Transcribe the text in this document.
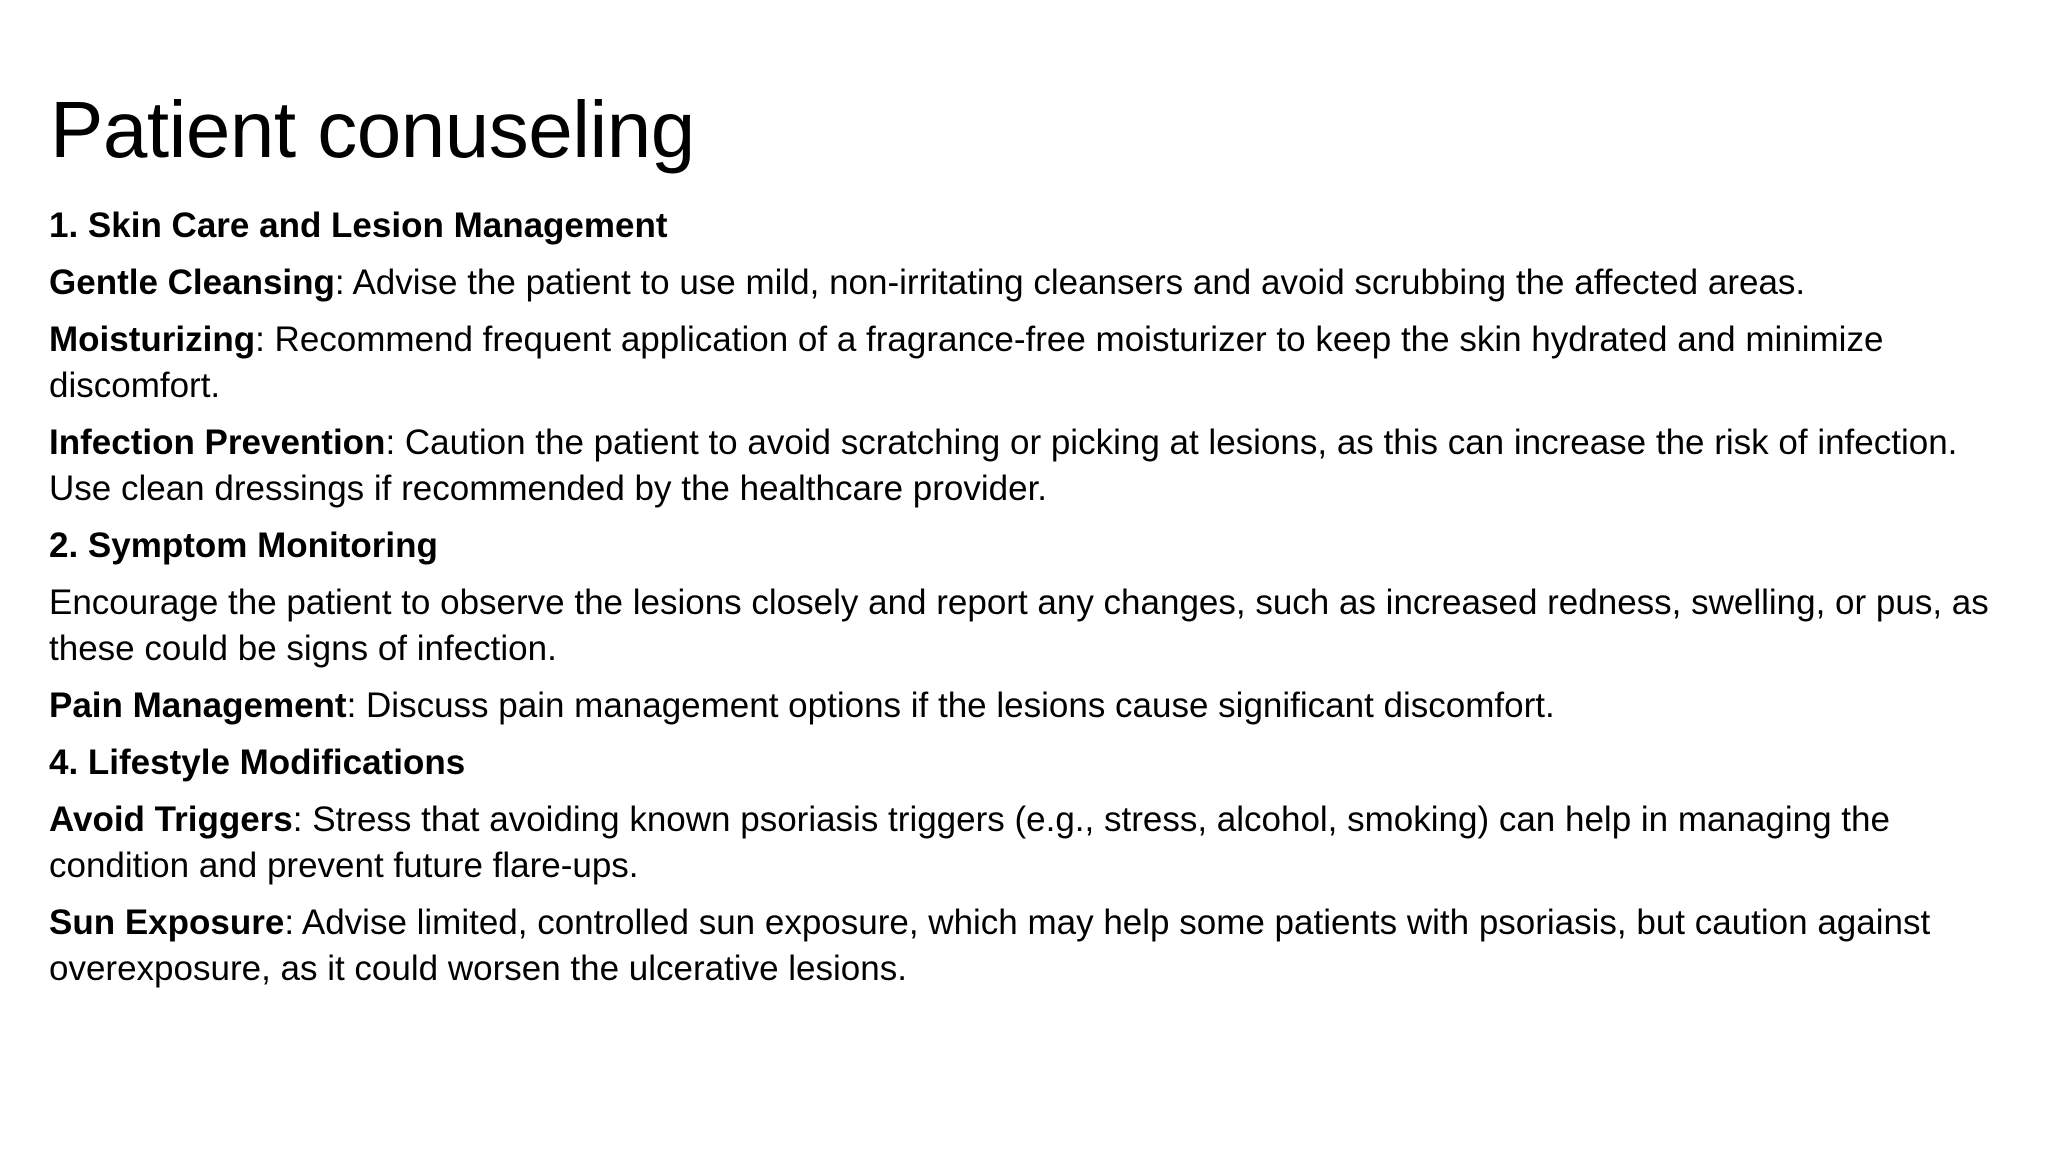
Patient conuseling

1. Skin Care and Lesion Management

Gentle Cleansing: Advise the patient to use mild, non-irritating cleansers and avoid scrubbing the affected areas.

Moisturizing: Recommend frequent application of a fragrance-free moisturizer to keep the skin hydrated and minimize discomfort.

Infection Prevention: Caution the patient to avoid scratching or picking at lesions, as this can increase the risk of infection. Use clean dressings if recommended by the healthcare provider.

2. Symptom Monitoring

Encourage the patient to observe the lesions closely and report any changes, such as increased redness, swelling, or pus, as these could be signs of infection.

Pain Management: Discuss pain management options if the lesions cause significant discomfort.

4. Lifestyle Modifications

Avoid Triggers: Stress that avoiding known psoriasis triggers (e.g., stress, alcohol, smoking) can help in managing the condition and prevent future flare-ups.

Sun Exposure: Advise limited, controlled sun exposure, which may help some patients with psoriasis, but caution against overexposure, as it could worsen the ulcerative lesions.
